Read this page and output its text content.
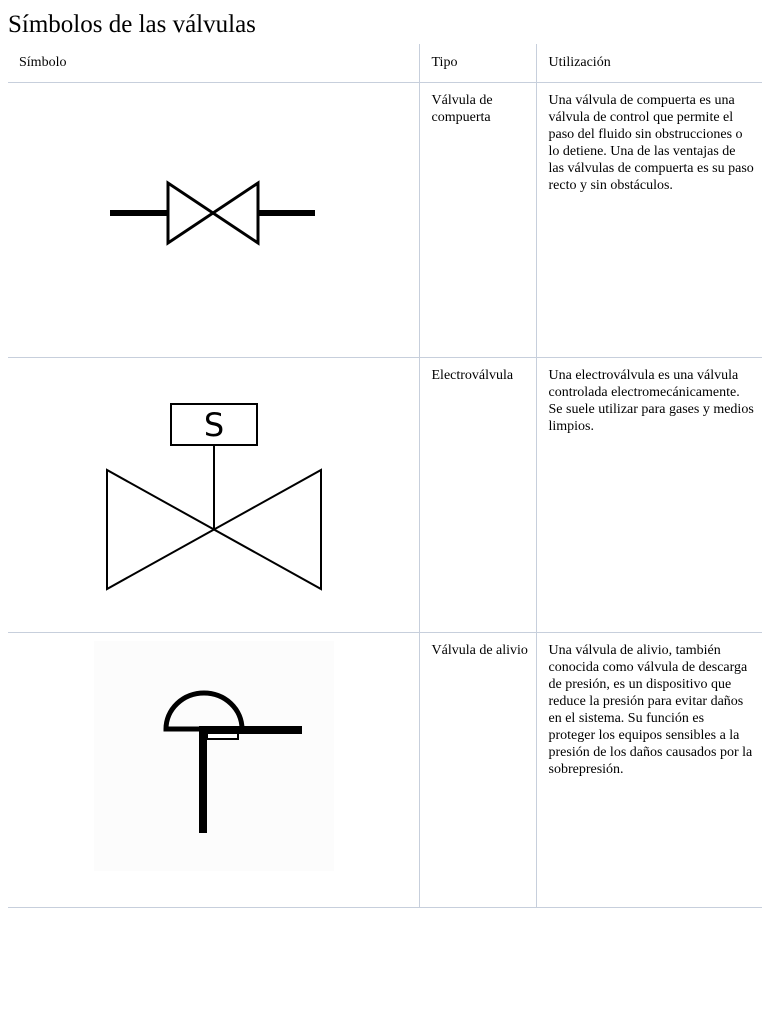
Símbolos de las válvulas
Símbolo	Tipo	Utilización

	Válvula de compuerta	Una válvula de compuerta es una válvula de control que permite el paso del fluido sin obstrucciones o lo detiene. Una de las ventajas de las válvulas de compuerta es su paso recto y sin obstáculos.

S	Electroválvula	Una electroválvula es una válvula controlada electromecánicamente. Se suele utilizar para gases y medios limpios.

	Válvula de alivio	Una válvula de alivio, también conocida como válvula de descarga de presión, es un dispositivo que reduce la presión para evitar daños en el sistema. Su función es proteger los equipos sensibles a la presión de los daños causados por la sobrepresión.
